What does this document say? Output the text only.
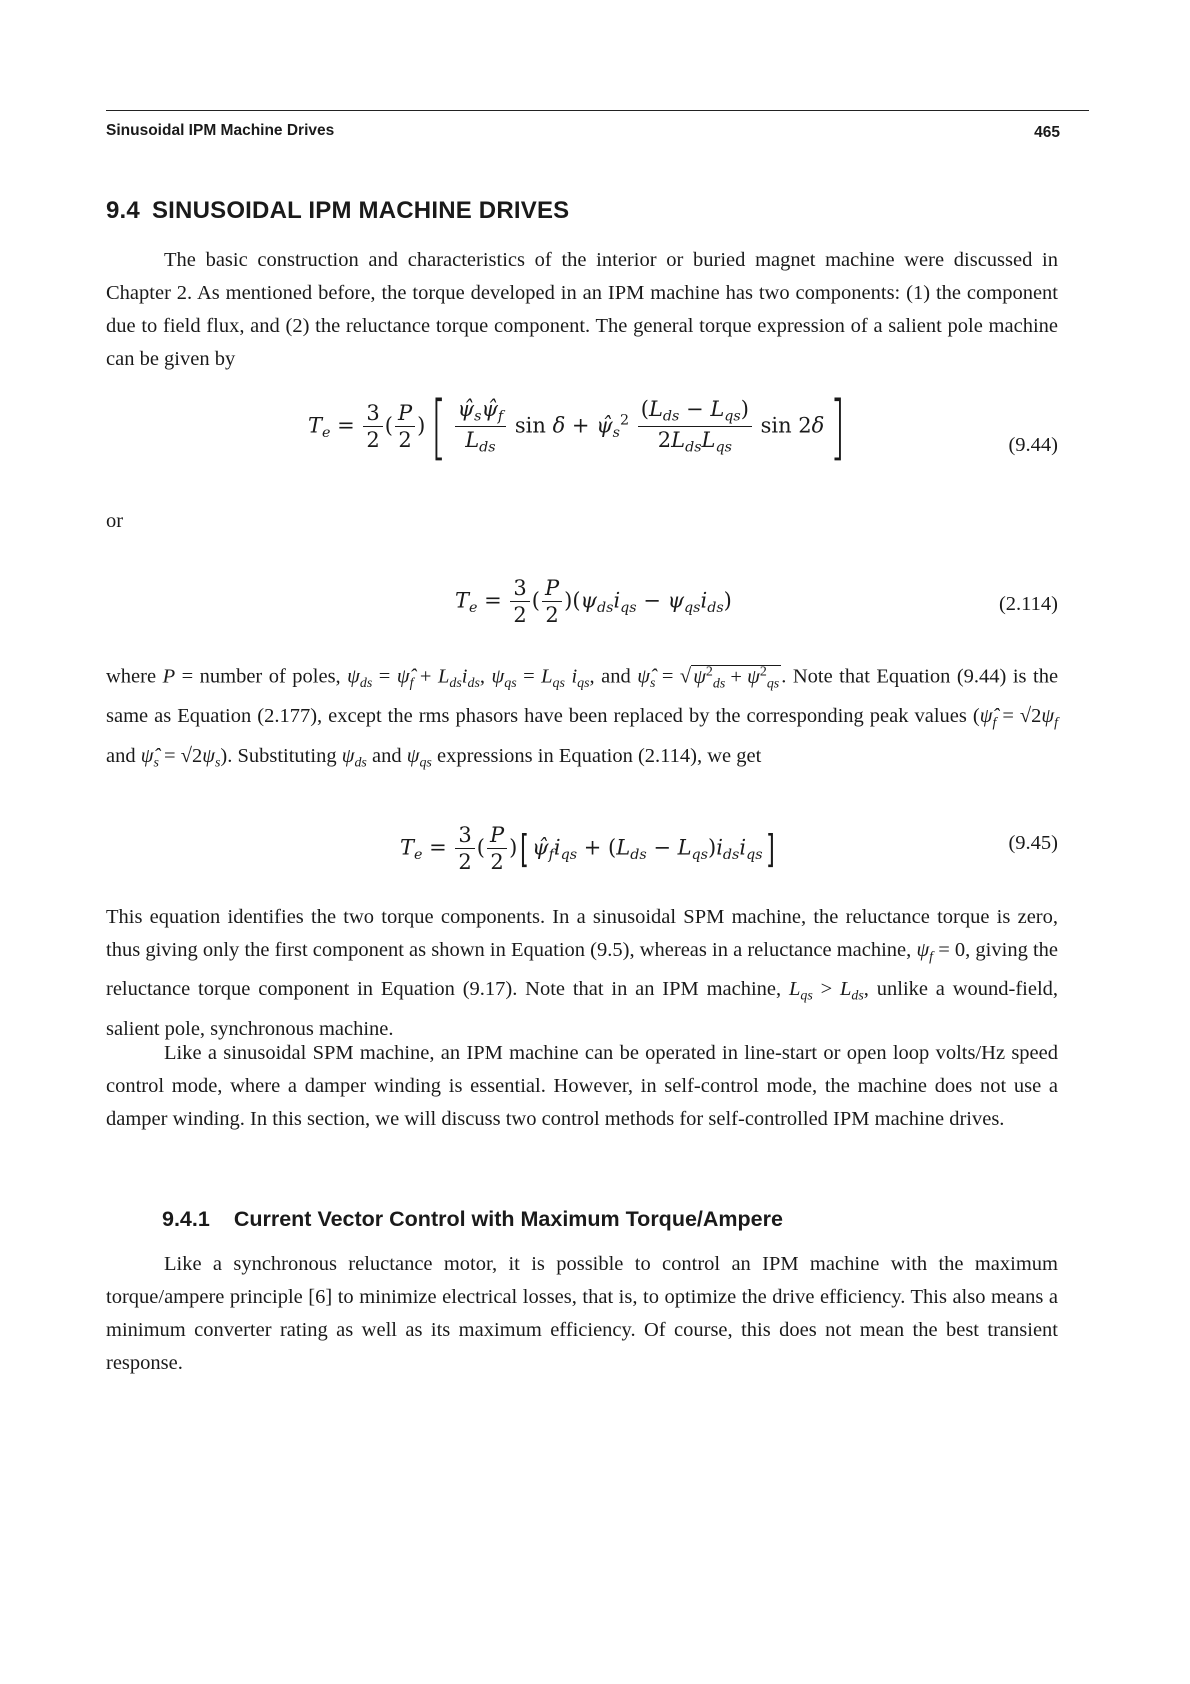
Sinusoidal IPM Machine Drives	465
9.4 SINUSOIDAL IPM MACHINE DRIVES

The basic construction and characteristics of the interior or buried magnet machine were discussed in Chapter 2. As mentioned before, the torque developed in an IPM machine has two components: (1) the component due to field flux, and (2) the reluctance torque component. The general torque expression of a salient pole machine can be given by

$T_e = \frac{3}{2}$ ( $\frac{P}{2}$ )[ $\frac{\psî_s\psî_f}{L_{ds}}$ $\sin \delta + \psî_s^2 \frac{(L_{ds} - L_{qs})}{2L_{ds}L_{qs}}$ sin 2δ]	(9.44)
or
$T_e = \frac{3}{2}$ ( $\frac{P}{2} )(\psi_{ds}i_{qs} - \psi_{qs}i_{ds})$	(2.114)

where P = number of poles, $\psi_{ds}$ = $\psî_f + L_{ds}i_{ds}$, $\psi_{qs} = L_{qs}$ $i_{qs}$, and $\psî_s = √\psi^2_{ds} + \psi^2_{qs}$. Note that Equation (9.44) is the same as Equation (2.177), except the rms phasors have been replaced by the corresponding peak values ($\psî_f = √2\psi_f$ and $\psî_s = √2\psi_s$). Substituting $\psi_{ds}$ and $\psi_{qs}$ expressions in Equation (2.114), we get

$T_e = \frac{3}{2}$ ( $\frac{P}{2}$ )[ $\psî_fi_{qs} + (L_{ds} - L_{qs})i_{ds}i_{qs}$]	(9.45)

This equation identifies the two torque components. In a sinusoidal SPM machine, the reluctance torque is zero, thus giving only the first component as shown in Equation (9.5), whereas in a reluctance machine, $\psi_f = 0$, giving the reluctance torque component in Equation (9.17). Note that in an IPM machine, $L_{qs} > L_{ds}$, unlike a wound-field, salient pole, synchronous machine.

Like a sinusoidal SPM machine, an IPM machine can be operated in line-start or open loop volts/Hz speed control mode, where a damper winding is essential. However, in self-control mode, the machine does not use a damper winding. In this section, we will discuss two control methods for self-controlled IPM machine drives.

9.4.1 Current Vector Control with Maximum Torque/Ampere

Like a synchronous reluctance motor, it is possible to control an IPM machine with the maximum torque/ampere principle [6] to minimize electrical losses, that is, to optimize the drive efficiency. This also means a minimum converter rating as well as its maximum efficiency. Of course, this does not mean the best transient response.
